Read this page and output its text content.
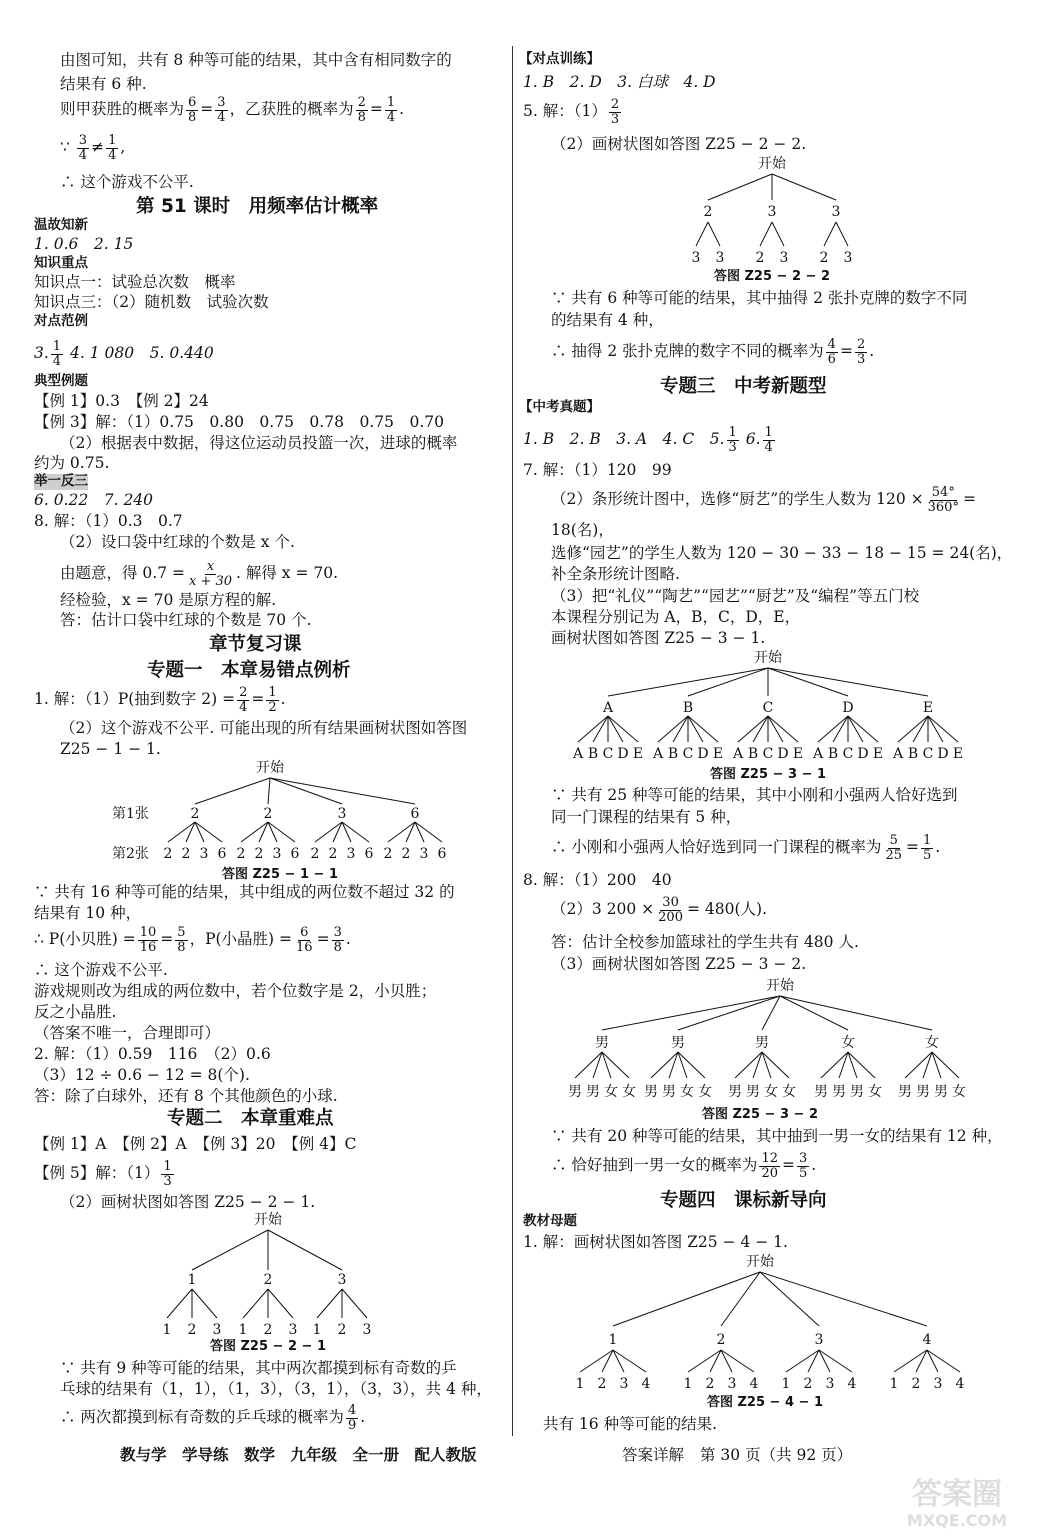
由图可知，共有 8 种等可能的结果，其中含有相同数字的
结果有 6 种.
则甲获胜的概率为 $\frac{6}{8} = \frac{3}{4}$ ，乙获胜的概率为 $\frac{2}{8} = \frac{1}{4}$ .
∵ $\frac{3}{4} \ne \frac{1}{4}$ ,
∴ 这个游戏不公平.
第 51 课时　用频率估计概率
温故知新
1. 0.6　2. 15
知识重点
知识点一：试验总次数　概率
知识点三：（2）随机数　试验次数
对点范例
3. $\frac{1}{4} 4$. 1 080　5. 0.440
典型例题
【例 1】0.3　【例 2】24
【例 3】解：（1）0.75　0.80　0.75　0.78　0.75　0.70
（2）根据表中数据，得这位运动员投篮一次，进球的概率
约为 0.75.
举一反三
6. 0.22　7. 240
8. 解：（1）0.3　0.7
（2）设口袋中红球的个数是 x 个.
由题意，得 $0.7 = \frac{x}{x + 30}$ . 解得 x = 70.
经检验，x = 70 是原方程的解.
答：估计口袋中红球的个数是 70 个.
章节复习课
专题一　本章易错点例析
1. 解：（1）P(抽到数字 $2) = \frac{2}{4} = \frac{1}{2}$ .
（2）这个游戏不公平. 可能出现的所有结果画树状图如答图
Z25 − 1 − 1.
开始
第1张	2	2	3	6
2 2 3 6 2 2 3 6 2 2 3 6 2 2 3 6
第2张
答图 Z25 − 1 − 1
∵ 共有 16 种等可能的结果，其中组成的两位数不超过 32 的
结果有 10 种，
∴ P(小贝胜) = $\frac{10}{16} = \frac{5}{8}$ ，P(小晶胜) = $\frac{6}{16} = \frac{3}{8}$ .
∴ 这个游戏不公平.
游戏规则改为组成的两位数中，若个位数字是 2，小贝胜；
反之小晶胜.
（答案不唯一，合理即可）
2. 解：（1）0.59　116　（2）0.6
（3）12 ÷ 0.6 − 12 = 8(个).
答：除了白球外，还有 8 个其他颜色的小球.
专题二　本章重难点
【例 1】A　【例 2】A　【例 3】20　【例 4】C
【例 5】解：$(1) \frac{1}{3}$
（2）画树状图如答图 Z25 − 2 − 1.
开始
1	2	3
1 2 3 1 2 3 1 2 3
答图 Z25 − 2 − 1
∵ 共有 9 种等可能的结果，其中两次都摸到标有奇数的乒
乓球的结果有（1，1），（1，3），（3，1），（3，3），共 4 种，
∴ 两次都摸到标有奇数的乒乓球的概率为 $\frac{4}{9}$ .
【对点训练】
1. B　2. D　3. 白球　4. D
5. 解：$(1) \frac{2}{3}$
（2）画树状图如答图 Z25 − 2 − 2.
开始
2	3	3
3 3 2 3 2 3
答图 Z25 − 2 − 2
∵ 共有 6 种等可能的结果，其中抽得 2 张扑克牌的数字不同
的结果有 4 种，
∴ 抽得 2 张扑克牌的数字不同的概率为 $\frac{4}{6} = \frac{2}{3}$ .
专题三　中考新题型
【中考真题】
1. B　2. B　3. A　4. C　5. $\frac{1}{3} 6$. $\frac{1}{4}$
7. 解：（1）120　99
（2）条形统计图中，选修“厨艺”的学生人数为 $120 \times \frac{54^\circ}{360^\circ}$ =
18(名)，
选修“园艺”的学生人数为 120 − 30 − 33 − 18 − 15 = 24(名)，
补全条形统计图略.
（3）把“礼仪”“陶艺”“园艺”“厨艺”及“编程”等五门校
本课程分别记为 A，B，C，D，E，
画树状图如答图 Z25 − 3 − 1.
开始
A	B	C	D	E
A B C D E A B C D E A B C D E A B C D E A B C D E
答图 Z25 − 3 − 1
∵ 共有 25 种等可能的结果，其中小刚和小强两人恰好选到
同一门课程的结果有 5 种，
∴ 小刚和小强两人恰好选到同一门课程的概率为 $\frac{5}{25} = \frac{1}{5}$ .
8. 解：（1）200　40
（2）3 $200 \times \frac{30}{200} = 480$(人).
答：估计全校参加篮球社的学生共有 480 人.
（3）画树状图如答图 Z25 − 3 − 2.
开始
男	男	男	女	女
男 男 女 女 男 男 女 女 男 男 女 女 男 男 男 女 男 男 男 女
答图 Z25 − 3 − 2
∵ 共有 20 种等可能的结果，其中抽到一男一女的结果有 12 种，
∴ 恰好抽到一男一女的概率为 $\frac{12}{20} = \frac{3}{5}$ .
专题四　课标新导向
教材母题
1. 解：画树状图如答图 Z25 − 4 − 1.
开始
1	2	3	4
1 2 3 4 1 2 3 4 1 2 3 4 1 2 3 4
答图 Z25 − 4 − 1
共有 16 种等可能的结果.
教与学　学导练　数学　九年级　全一册　配人教版	答案详解 第 30 页（共 92 页）
答案圈
MXQE.COM
